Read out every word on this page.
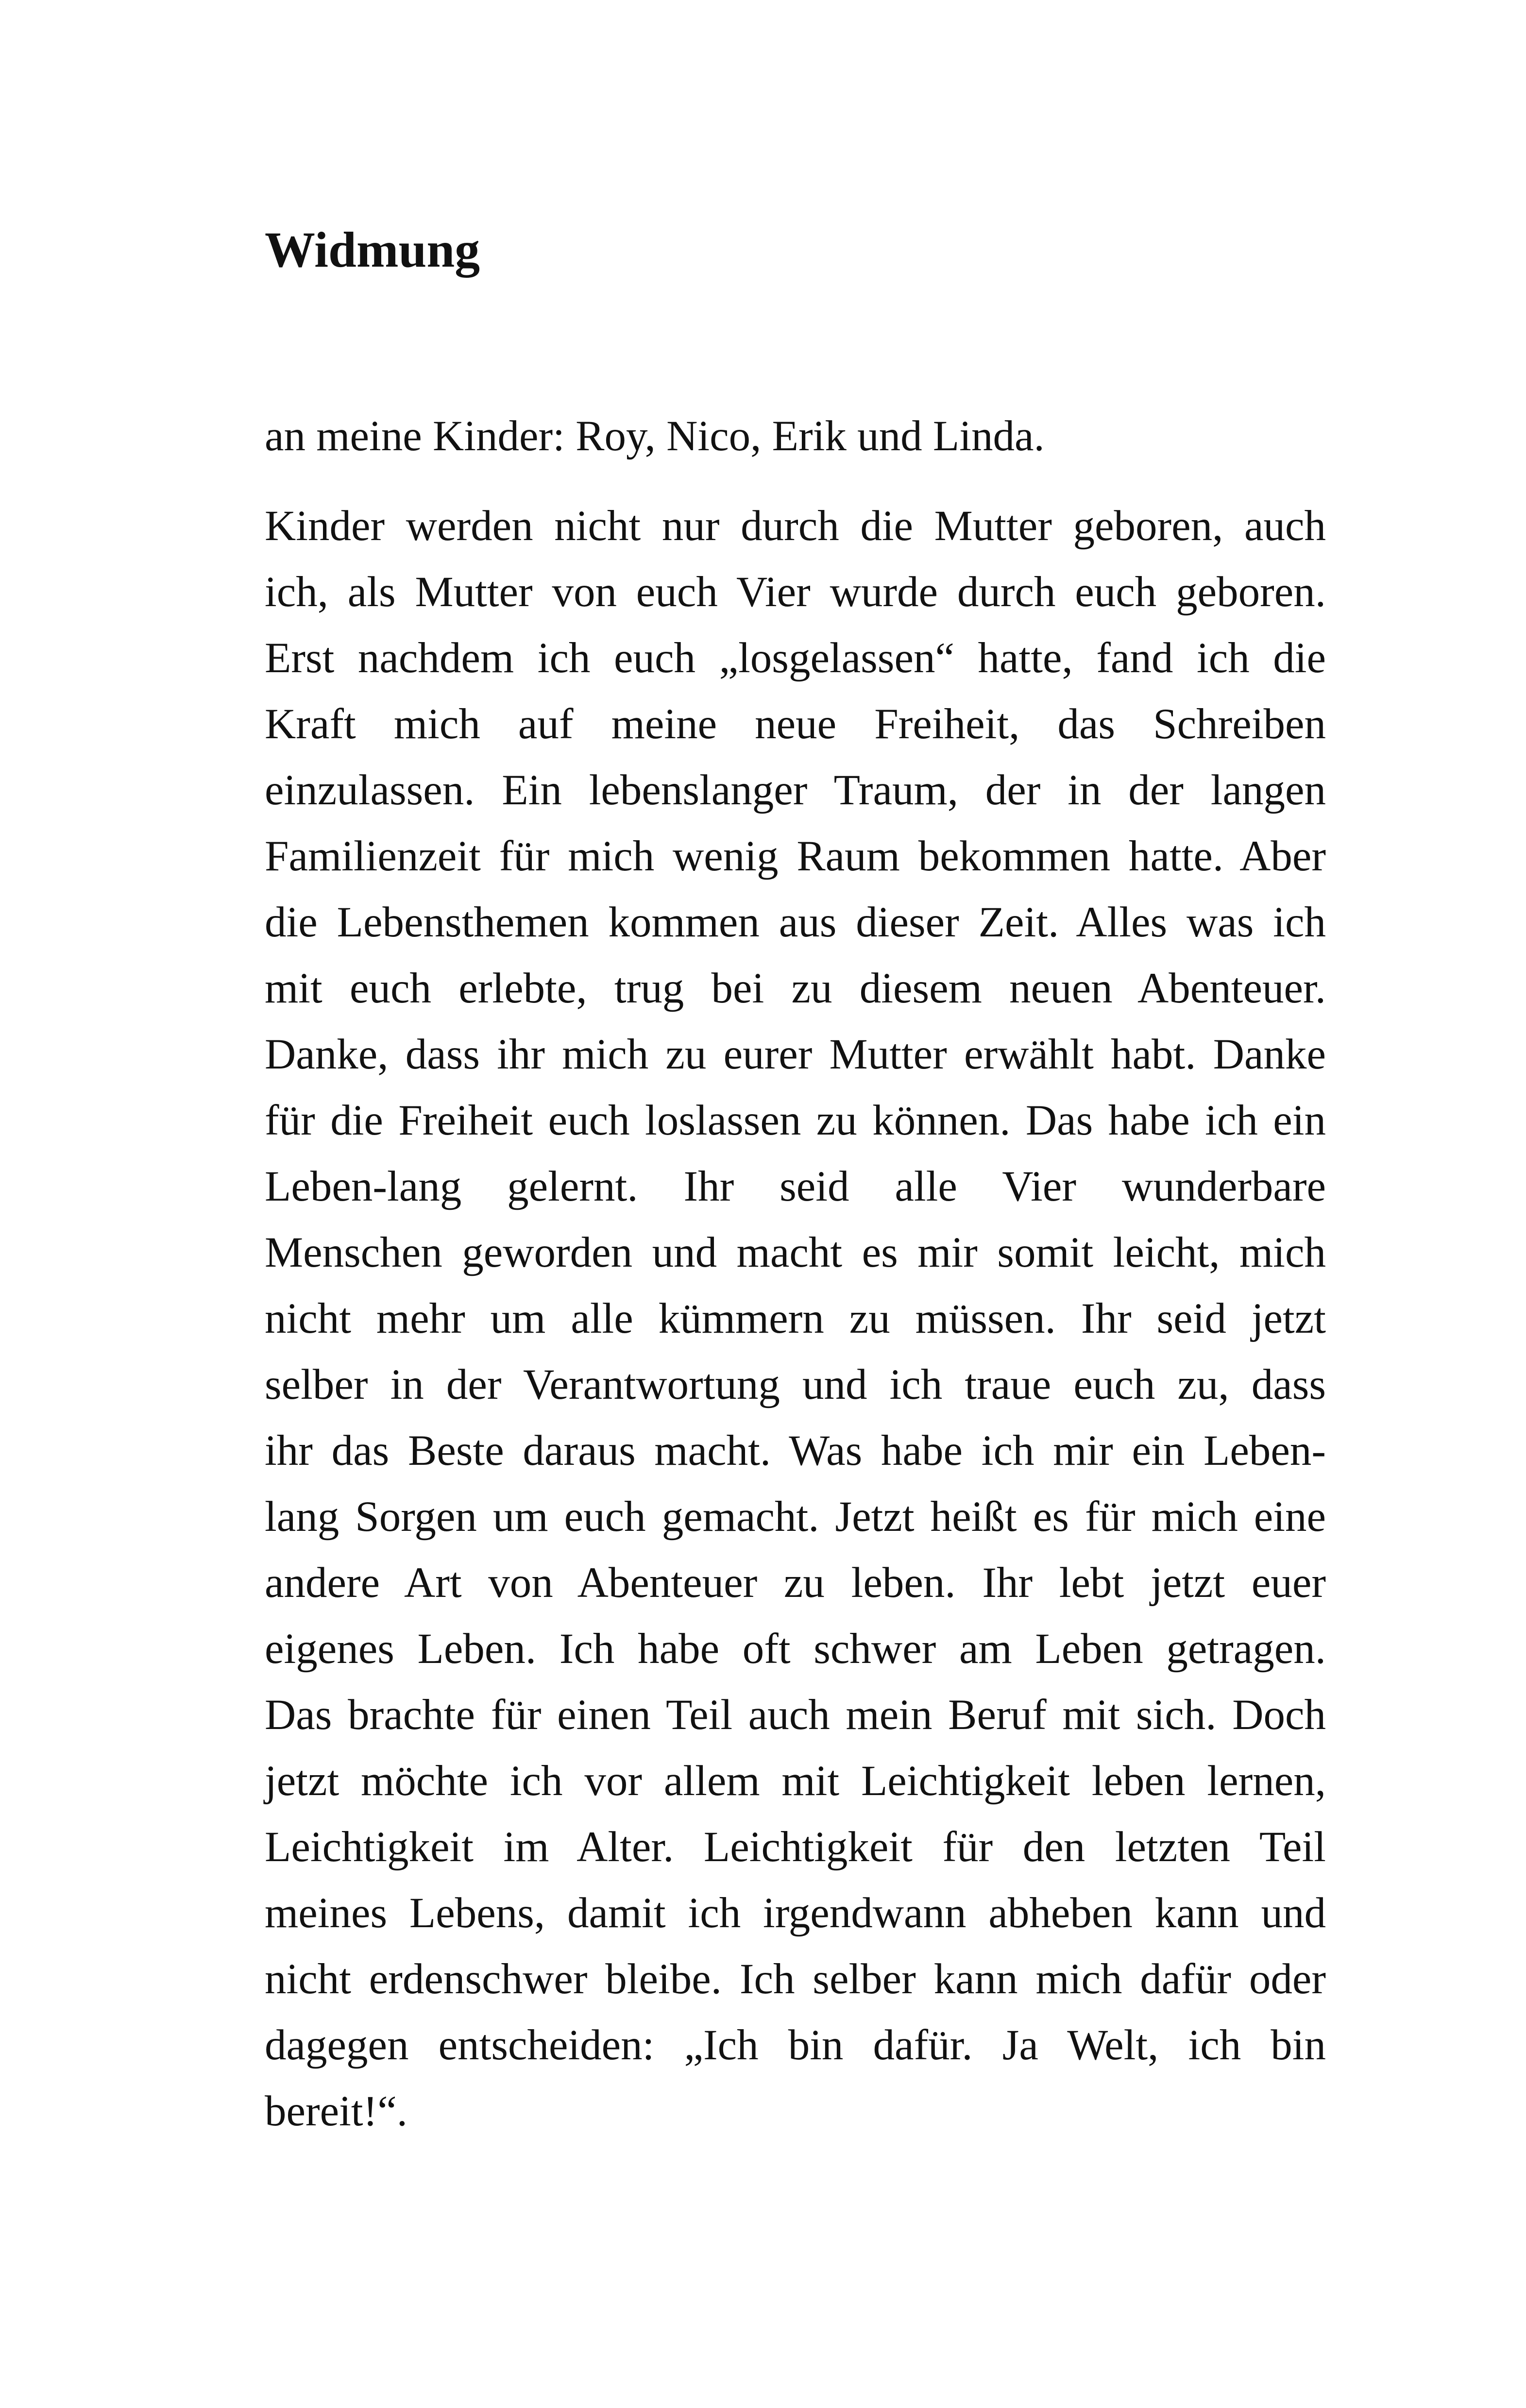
Widmung

an meine Kinder: Roy, Nico, Erik und Linda.

Kinder werden nicht nur durch die Mutter geboren, auch
ich, als Mutter von euch Vier wurde durch euch geboren.
Erst nachdem ich euch „losgelassen“ hatte, fand ich die
Kraft mich auf meine neue Freiheit, das Schreiben
einzulassen. Ein lebenslanger Traum, der in der langen
Familienzeit für mich wenig Raum bekommen hatte. Aber
die Lebensthemen kommen aus dieser Zeit. Alles was ich
mit euch erlebte, trug bei zu diesem neuen Abenteuer.
Danke, dass ihr mich zu eurer Mutter erwählt habt. Danke
für die Freiheit euch loslassen zu können. Das habe ich ein
Leben-lang gelernt. Ihr seid alle Vier wunderbare
Menschen geworden und macht es mir somit leicht, mich
nicht mehr um alle kümmern zu müssen. Ihr seid jetzt
selber in der Verantwortung und ich traue euch zu, dass
ihr das Beste daraus macht. Was habe ich mir ein Leben-
lang Sorgen um euch gemacht. Jetzt heißt es für mich eine
andere Art von Abenteuer zu leben. Ihr lebt jetzt euer
eigenes Leben. Ich habe oft schwer am Leben getragen.
Das brachte für einen Teil auch mein Beruf mit sich. Doch
jetzt möchte ich vor allem mit Leichtigkeit leben lernen,
Leichtigkeit im Alter. Leichtigkeit für den letzten Teil
meines Lebens, damit ich irgendwann abheben kann und
nicht erdenschwer bleibe. Ich selber kann mich dafür oder
dagegen entscheiden: „Ich bin dafür. Ja Welt, ich bin
bereit!“.
